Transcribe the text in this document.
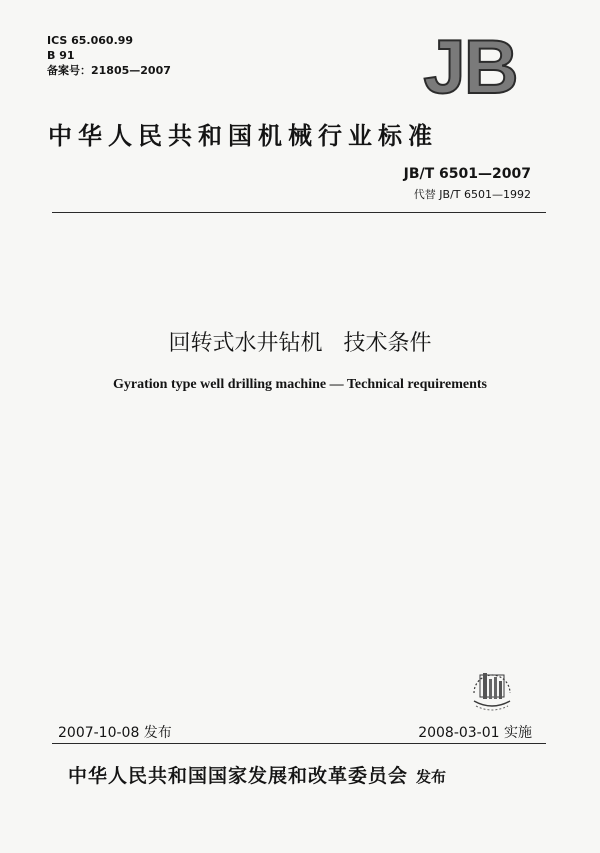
ICS 65.060.99
B 91
备案号：21805—2007	JB
中华人民共和国机械行业标准
JB/T 6501—2007
代替 JB/T 6501—1992
回转式水井钻机   技术条件
Gyration type well drilling machine — Technical requirements
2007-10-08 发布	2008-03-01 实施
中华人民共和国国家发展和改革委员会 发布
